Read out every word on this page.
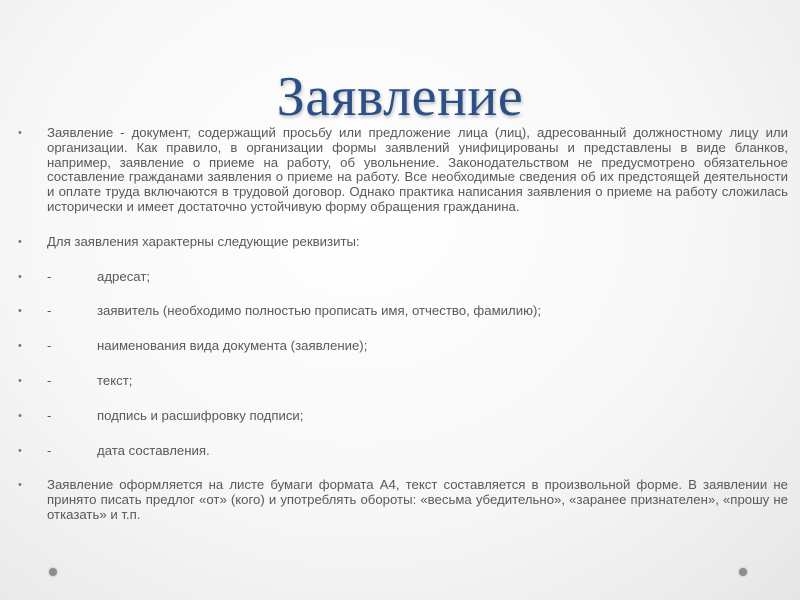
Заявление
•	Заявление - документ, содержащий просьбу или предложение лица (лиц), адресованный должностному лицу или организации. Как правило, в организации формы заявлений унифицированы и представлены в виде бланков, например, заявление о приеме на работу, об увольнение. Законодательством не предусмотрено обязательное составление гражданами заявления о приеме на работу. Все необходимые сведения об их предстоящей деятельности и оплате труда включаются в трудовой договор. Однако практика написания заявления о приеме на работу сложилась исторически и имеет достаточно устойчивую форму обращения гражданина.
•	Для заявления характерны следующие реквизиты:
•	-	адресат;
•	-	заявитель (необходимо полностью прописать имя, отчество, фамилию);
•	-	наименования вида документа (заявление);
•	-	текст;
•	-	подпись и расшифровку подписи;
•	-	дата составления.
•	Заявление оформляется на листе бумаги формата А4, текст составляется в произвольной форме. В заявлении не принято писать предлог «от» (кого) и употреблять обороты: «весьма убедительно», «заранее признателен», «прошу не отказать» и т.п.
